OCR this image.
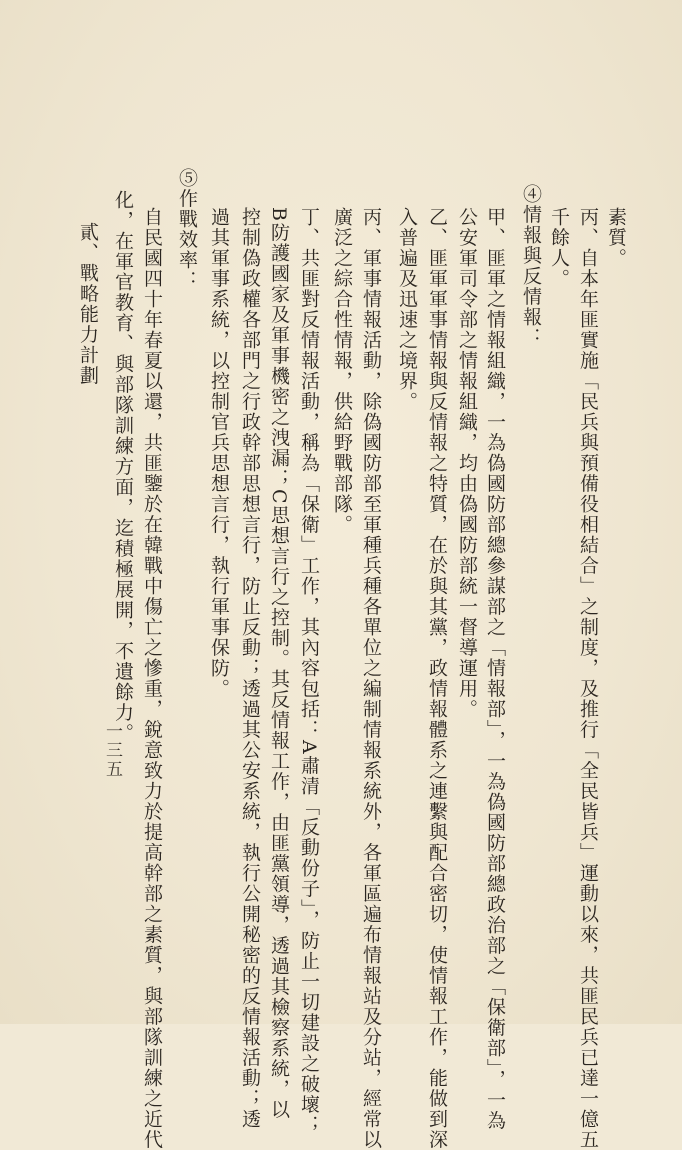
素質。
丙、自本年匪實施「民兵與預備役相結合」之制度，及推行「全民皆兵」運動以來，共匪民兵已達一億五
千餘人。
④情報與反情報：
甲、匪軍之情報組織，一為偽國防部總參謀部之「情報部」，一為偽國防部總政治部之「保衛部」，一為
公安軍司令部之情報組織，均由偽國防部統一督導運用。
乙、匪軍軍事情報與反情報之特質，在於與其黨，政情報體系之連繫與配合密切，使情報工作，能做到深
入普遍及迅速之境界。
丙、軍事情報活動，除偽國防部至軍種兵種各單位之編制情報系統外，各軍區遍布情報站及分站，經常以
廣泛之綜合性情報，供給野戰部隊。
丁、共匪對反情報活動，稱為「保衛」工作，其內容包括：A肅清「反動份子」，防止一切建設之破壞；
B防護國家及軍事機密之洩漏；C思想言行之控制。其反情報工作，由匪黨領導，透過其檢察系統，以
控制偽政權各部門之行政幹部思想言行，防止反動；透過其公安系統，執行公開秘密的反情報活動；透
過其軍事系統，以控制官兵思想言行，執行軍事保防。
⑤作戰效率：
自民國四十年春夏以還，共匪鑒於在韓戰中傷亡之慘重，銳意致力於提高幹部之素質，與部隊訓練之近代
化，在軍官教育、與部隊訓練方面，迄積極展開，不遺餘力。
貳、戰略能力計劃
一三五
